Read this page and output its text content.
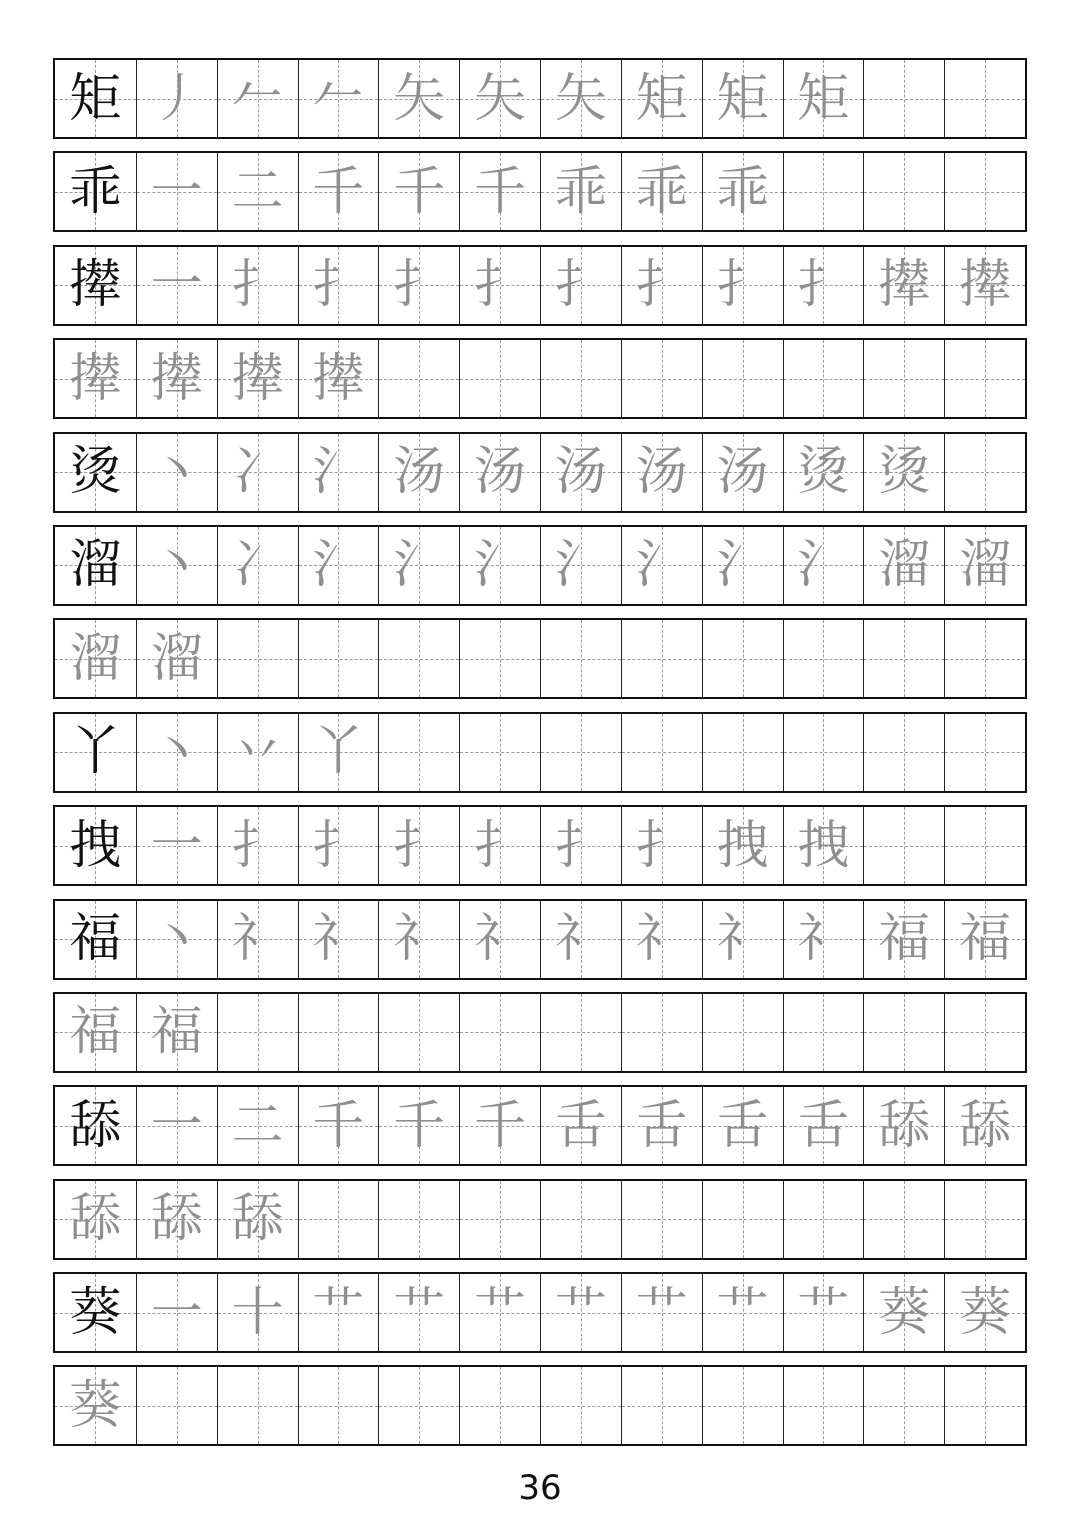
矩 丿 𠂉 𠂉 矢 矢 矢 矩 矩 矩
乖 一 二 千 千 千 乖 乖 乖
撵 一 扌 扌 扌 扌 扌 扌 扌 扌 撵 撵
撵 撵 撵 撵
烫 丶 冫 氵 汤 汤 汤 汤 汤 烫 烫
溜 丶 冫 氵 氵 氵 氵 氵 氵 氵 溜 溜
溜 溜
丫 丶 丷 丫
拽 一 扌 扌 扌 扌 扌 扌 拽 拽
福 丶 礻 礻 礻 礻 礻 礻 礻 礻 福 福
福 福
舔 一 二 千 千 千 舌 舌 舌 舌 舔 舔
舔 舔 舔
葵 一 十 艹 艹 艹 艹 艹 艹 艹 葵 葵
葵
36
